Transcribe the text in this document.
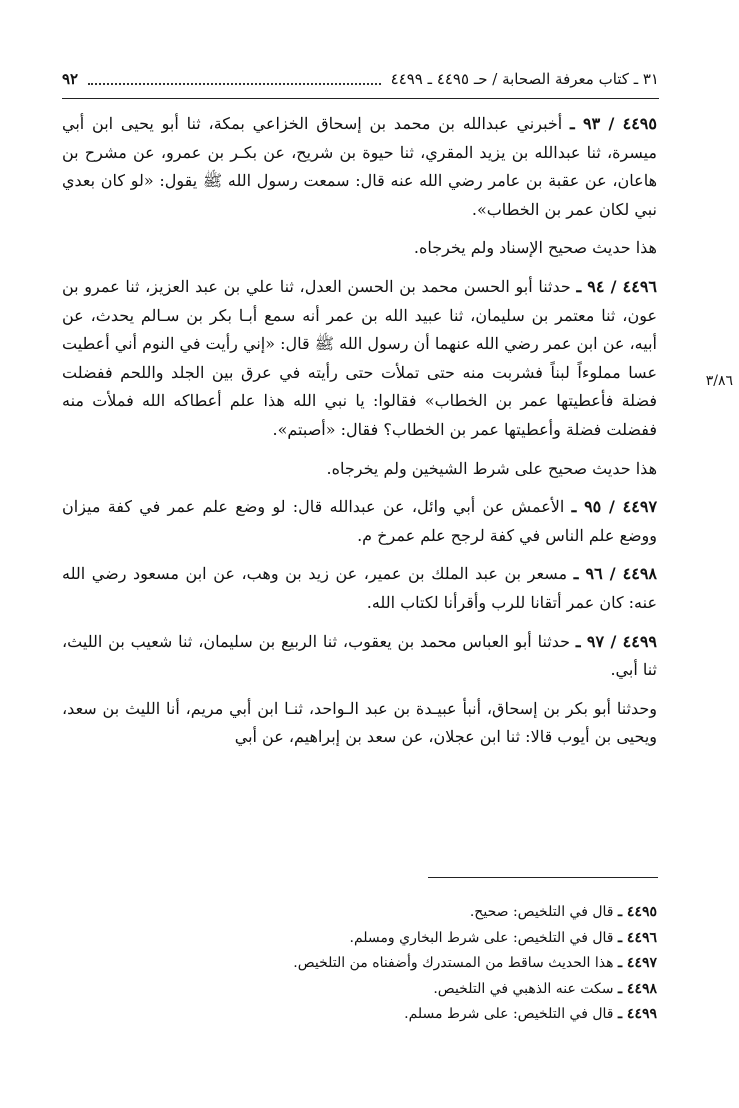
٣١ ـ كتاب معرفة الصحابة / حـ ٤٤٩٥ ـ ٤٤٩٩
٩٢
٣/٨٦

٤٤٩٥ / ٩٣ ـ أخبرني عبدالله بن محمد بن إسحاق الخزاعي بمكة، ثنا أبو يحيى ابن أبي ميسرة، ثنا عبدالله بن يزيد المقري، ثنا حيوة بن شريح، عن بكـر بن عمرو، عن مشرح بن هاعان، عن عقبة بن عامر رضي الله عنه قال: سمعت رسول الله ﷺ يقول: «لو كان بعدي نبي لكان عمر بن الخطاب».

هذا حديث صحيح الإسناد ولم يخرجاه.

٤٤٩٦ / ٩٤ ـ حدثنا أبو الحسن محمد بن الحسن العدل، ثنا علي بن عبد العزيز، ثنا عمرو بن عون، ثنا معتمر بن سليمان، ثنا عبيد الله بن عمر أنه سمع أبـا بكر بن سـالم يحدث، عن أبيه، عن ابن عمر رضي الله عنهما أن رسول الله ﷺ قال: «إني رأيت في النوم أني أعطيت عسا مملوءاً لبناً فشربت منه حتى تملأت حتى رأيته في عرق بين الجلد واللحم ففضلت فضلة فأعطيتها عمر بن الخطاب» فقالوا: يا نبي الله هذا علم أعطاكه الله فملأت منه ففضلت فضلة وأعطيتها عمر بن الخطاب؟ فقال: «أصبتم».

هذا حديث صحيح على شرط الشيخين ولم يخرجاه.

٤٤٩٧ / ٩٥ ـ الأعمش عن أبي وائل، عن عبدالله قال: لو وضع علم عمر في كفة ميزان ووضع علم الناس في كفة لرجح علم عمرخ م.

٤٤٩٨ / ٩٦ ـ مسعر بن عبد الملك بن عمير، عن زيد بن وهب، عن ابن مسعود رضي الله عنه: كان عمر أتقانا للرب وأقرأنا لكتاب الله.

٤٤٩٩ / ٩٧ ـ حدثنا أبو العباس محمد بن يعقوب، ثنا الربيع بن سليمان، ثنا شعيب بن الليث، ثنا أبي.

وحدثنا أبو بكر بن إسحاق، أنبأ عبيـدة بن عبد الـواحد، ثنـا ابن أبي مريم، أنا الليث بن سعد، ويحيى بن أيوب قالا: ثنا ابن عجلان، عن سعد بن إبراهيم، عن أبي

٤٤٩٥ ـ قال في التلخيص: صحيح.

٤٤٩٦ ـ قال في التلخيص: على شرط البخاري ومسلم.

٤٤٩٧ ـ هذا الحديث ساقط من المستدرك وأضفناه من التلخيص.

٤٤٩٨ ـ سكت عنه الذهبي في التلخيص.

٤٤٩٩ ـ قال في التلخيص: على شرط مسلم.
